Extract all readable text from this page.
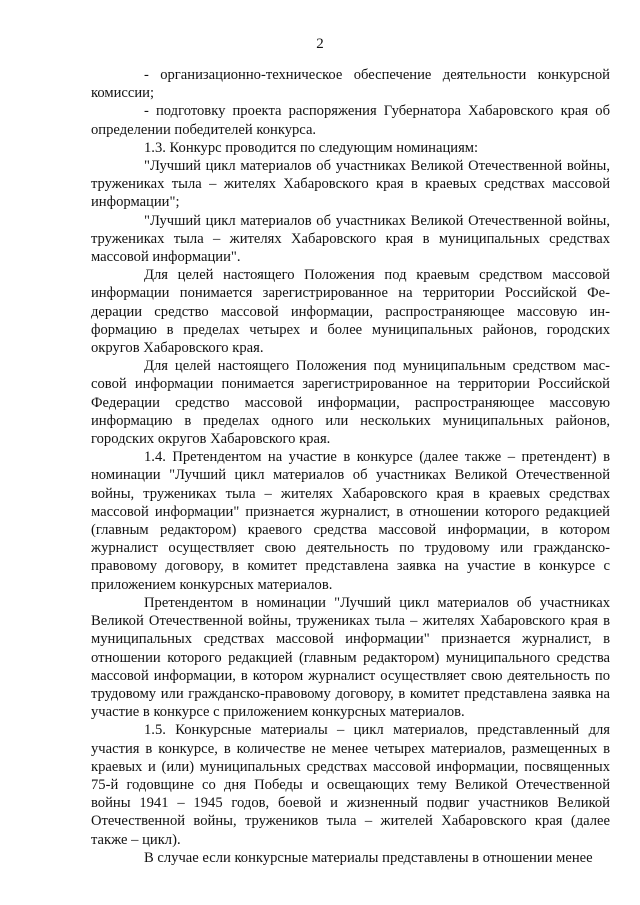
2

- организационно-техническое обеспечение деятельности конкурсной комиссии;

- подготовку проекта распоряжения Губернатора Хабаровского края об определении победителей конкурса.

1.3. Конкурс проводится по следующим номинациям:

"Лучший цикл материалов об участниках Великой Отечественной войны, тружениках тыла – жителях Хабаровского края в краевых средствах массовой информации";

"Лучший цикл материалов об участниках Великой Отечественной войны, тружениках тыла – жителях Хабаровского края в муниципальных средствах массовой информации".

Для целей настоящего Положения под краевым средством массовой информации понимается зарегистрированное на территории Российской Федерации средство массовой информации, распространяющее массовую информацию в пределах четырех и более муниципальных районов, городских округов Хабаровского края.

Для целей настоящего Положения под муниципальным средством массовой информации понимается зарегистрированное на территории Российской Федерации средство массовой информации, распространяющее массовую информацию в пределах одного или нескольких муниципальных районов, городских округов Хабаровского края.

1.4. Претендентом на участие в конкурсе (далее также – претендент) в номинации "Лучший цикл материалов об участниках Великой Отечественной войны, тружениках тыла – жителях Хабаровского края в краевых средствах массовой информации" признается журналист, в отношении которого редакцией (главным редактором) краевого средства массовой информации, в котором журналист осуществляет свою деятельность по трудовому или гражданско-правовому договору, в комитет представлена заявка на участие в конкурсе с приложением конкурсных материалов.

Претендентом в номинации "Лучший цикл материалов об участниках Великой Отечественной войны, тружениках тыла – жителях Хабаровского края в муниципальных средствах массовой информации" признается журналист, в отношении которого редакцией (главным редактором) муниципального средства массовой информации, в котором журналист осуществляет свою деятельность по трудовому или гражданско-правовому договору, в комитет представлена заявка на участие в конкурсе с приложением конкурсных материалов.

1.5. Конкурсные материалы – цикл материалов, представленный для участия в конкурсе, в количестве не менее четырех материалов, размещенных в краевых и (или) муниципальных средствах массовой информации, посвященных 75-й годовщине со дня Победы и освещающих тему Великой Отечественной войны 1941 – 1945 годов, боевой и жизненный подвиг участников Великой Отечественной войны, тружеников тыла – жителей Хабаровского края (далее также – цикл).

В случае если конкурсные материалы представлены в отношении менее
